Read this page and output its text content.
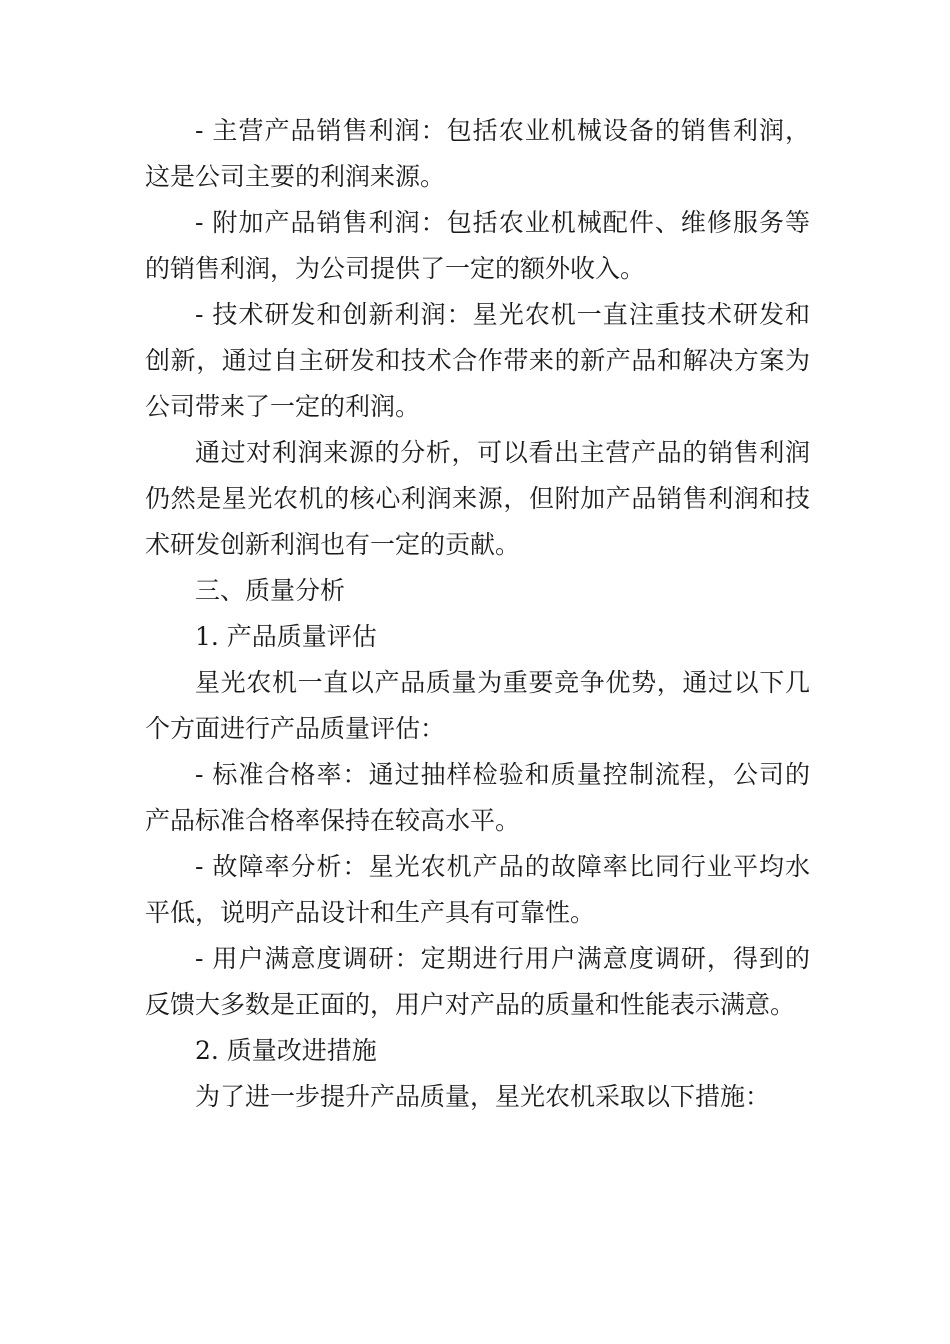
- 主营产品销售利润：包括农业机械设备的销售利润，这是公司主要的利润来源。

- 附加产品销售利润：包括农业机械配件、维修服务等的销售利润，为公司提供了一定的额外收入。

- 技术研发和创新利润：星光农机一直注重技术研发和创新，通过自主研发和技术合作带来的新产品和解决方案为公司带来了一定的利润。

通过对利润来源的分析，可以看出主营产品的销售利润仍然是星光农机的核心利润来源，但附加产品销售利润和技术研发创新利润也有一定的贡献。

三、质量分析

1. 产品质量评估

星光农机一直以产品质量为重要竞争优势，通过以下几个方面进行产品质量评估：

- 标准合格率：通过抽样检验和质量控制流程，公司的产品标准合格率保持在较高水平。

- 故障率分析：星光农机产品的故障率比同行业平均水平低，说明产品设计和生产具有可靠性。

- 用户满意度调研：定期进行用户满意度调研，得到的反馈大多数是正面的，用户对产品的质量和性能表示满意。

2. 质量改进措施

为了进一步提升产品质量，星光农机采取以下措施：
